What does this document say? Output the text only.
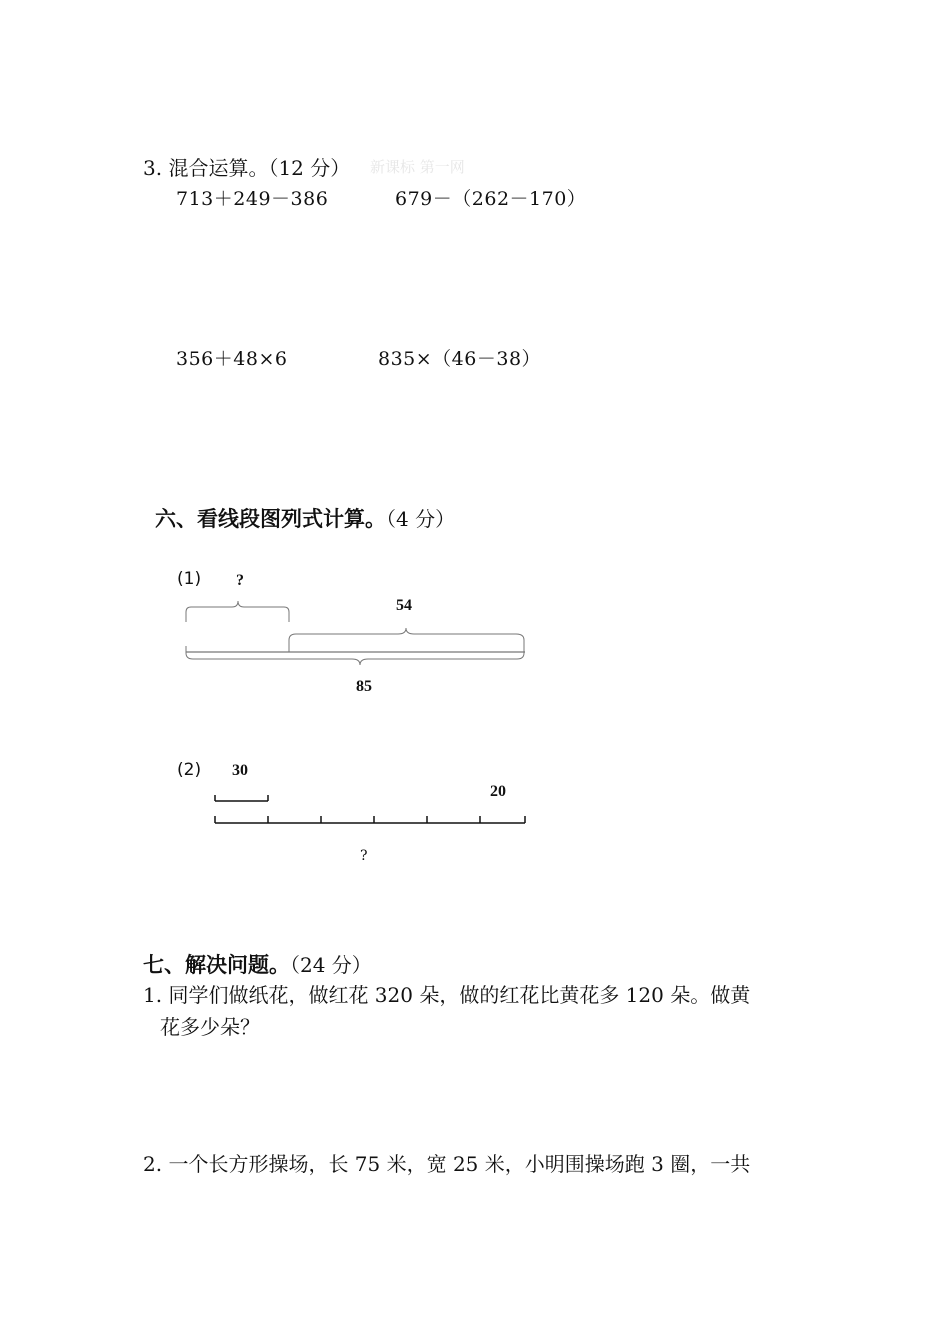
3. 混合运算。（12 分） 新课标 第一网
713＋249－386	679－（262－170）
356＋48×6	835×（46－38）
六、看线段图列式计算。（4 分）
(1) ?
54
85
(2) 30
20
?
七、解决问题。（24 分）
1. 同学们做纸花，做红花 320 朵，做的红花比黄花多 120 朵。做黄
花多少朵？
2. 一个长方形操场，长 75 米，宽 25 米，小明围操场跑 3 圈，一共
